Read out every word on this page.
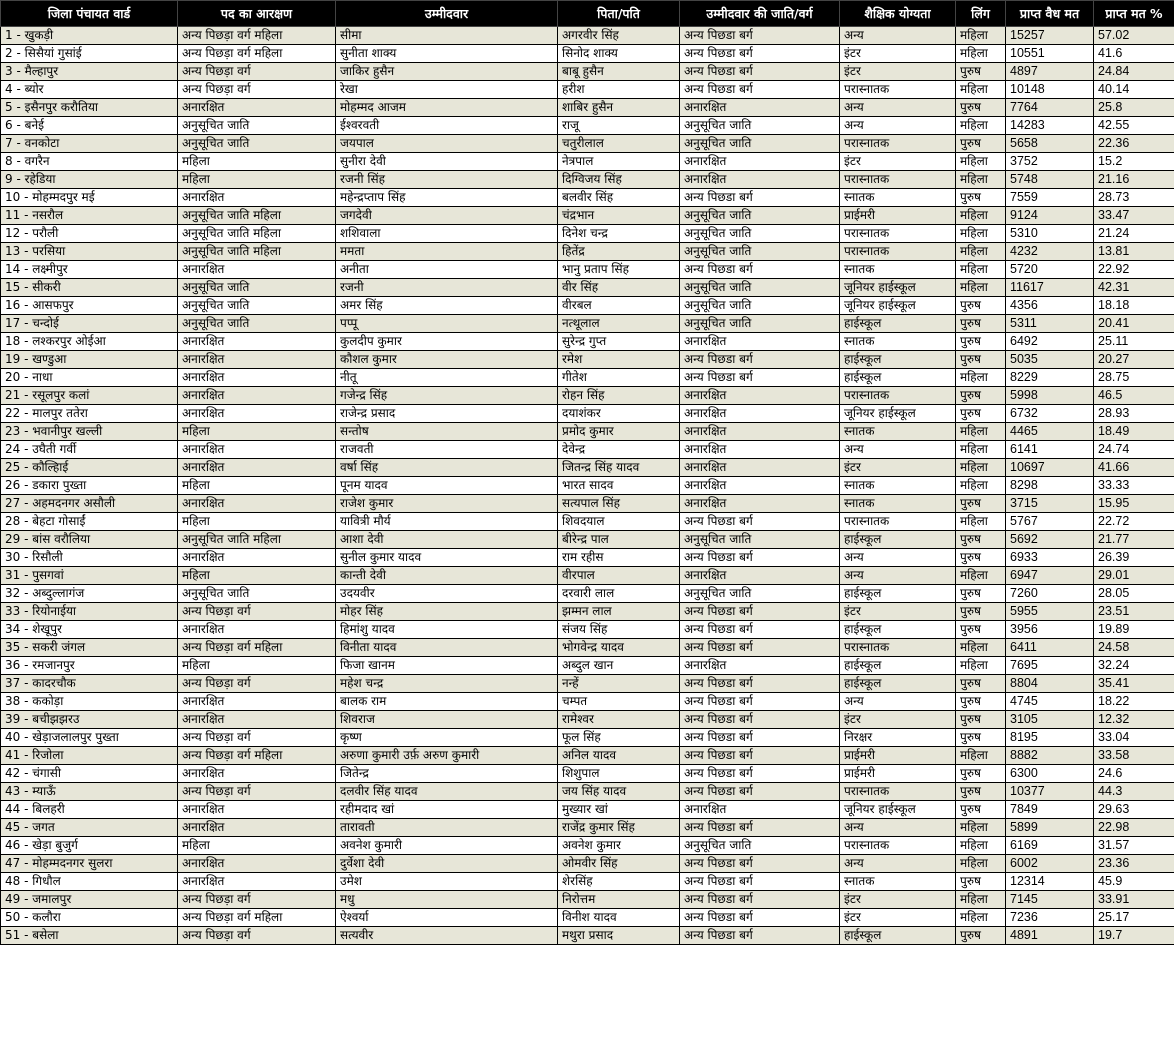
जिला पंचायत वार्ड	पद का आरक्षण	उम्मीदवार	पिता/पति	उम्मीदवार की जाति/वर्ग	शैक्षिक योग्यता	लिंग	प्राप्त वैध मत	प्राप्त मत %
1 - खुकड़ी	अन्य पिछड़ा वर्ग महिला	सीमा	अगरवीर सिंह	अन्य पिछडा बर्ग	अन्य	महिला	15257	57.02
2 - सिसैयां गुसांई	अन्य पिछड़ा वर्ग महिला	सुनीता शाक्य	सिनोद शाक्य	अन्य पिछडा बर्ग	इंटर	महिला	10551	41.6
3 - मैल्हापुर	अन्य पिछड़ा वर्ग	जाकिर हुसैन	बाबू हुसैन	अन्य पिछडा बर्ग	इंटर	पुरुष	4897	24.84
4 - ब्योर	अन्य पिछड़ा वर्ग	रेखा	हरीश	अन्य पिछडा बर्ग	परास्नातक	महिला	10148	40.14
5 - इसैनपुर करौतिया	अनारक्षित	मोहम्मद आजम	शाबिर हुसैन	अनारक्षित	अन्य	पुरुष	7764	25.8
6 - बनेई	अनुसूचित जाति	ईश्वरवती	राजू	अनुसूचित जाति	अन्य	महिला	14283	42.55
7 - वनकोटा	अनुसूचित जाति	जयपाल	चतुरीलाल	अनुसूचित जाति	परास्नातक	पुरुष	5658	22.36
8 - वगरैन	महिला	सुनीरा देवी	नेत्रपाल	अनारक्षित	इंटर	महिला	3752	15.2
9 - रहेडिया	महिला	रजनी सिंह	दिग्विजय सिंह	अनारक्षित	परास्नातक	महिला	5748	21.16
10 - मोहम्मदपुर मई	अनारक्षित	महेन्द्रप्ताप सिंह	बलवीर सिंह	अन्य पिछडा बर्ग	स्नातक	पुरुष	7559	28.73
11 - नसरौल	अनुसूचित जाति महिला	जगदेवी	चंद्रभान	अनुसूचित जाति	प्राईमरी	महिला	9124	33.47
12 - परौली	अनुसूचित जाति महिला	शशिवाला	दिनेश चन्द्र	अनुसूचित जाति	परास्नातक	महिला	5310	21.24
13 - परसिया	अनुसूचित जाति महिला	ममता	हितेंद्र	अनुसूचित जाति	परास्नातक	महिला	4232	13.81
14 - लक्ष्मीपुर	अनारक्षित	अनीता	भानु प्रताप सिंह	अन्य पिछडा बर्ग	स्नातक	महिला	5720	22.92
15 - सीकरी	अनुसूचित जाति	रजनी	वीर सिंह	अनुसूचित जाति	जूनियर हाईस्कूल	महिला	11617	42.31
16 - आसफपुर	अनुसूचित जाति	अमर सिंह	वीरबल	अनुसूचित जाति	जूनियर हाईस्कूल	पुरुष	4356	18.18
17 - चन्दोई	अनुसूचित जाति	पप्पू	नत्थूलाल	अनुसूचित जाति	हाईस्कूल	पुरुष	5311	20.41
18 - लश्करपुर ओईआ	अनारक्षित	कुलदीप कुमार	सुरेन्द्र गुप्त	अनारक्षित	स्नातक	पुरुष	6492	25.11
19 - खण्डुआ	अनारक्षित	कौशल कुमार	रमेश	अन्य पिछडा बर्ग	हाईस्कूल	पुरुष	5035	20.27
20 - नाधा	अनारक्षित	नीतू	गीतेश	अन्य पिछडा बर्ग	हाईस्कूल	महिला	8229	28.75
21 - रसूलपुर कलां	अनारक्षित	गजेन्द्र सिंह	रोहन सिंह	अनारक्षित	परास्नातक	पुरुष	5998	46.5
22 - मालपुर ततेरा	अनारक्षित	राजेन्द्र प्रसाद	दयाशंकर	अनारक्षित	जूनियर हाईस्कूल	पुरुष	6732	28.93
23 - भवानीपुर खल्ली	महिला	सन्तोष	प्रमोद कुमार	अनारक्षित	स्नातक	महिला	4465	18.49
24 - उघैती गर्वी	अनारक्षित	राजवती	देवेन्द्र	अनारक्षित	अन्य	महिला	6141	24.74
25 - कौल्हिाई	अनारक्षित	वर्षा सिंह	जितन्द्र सिंह यादव	अनारक्षित	इंटर	महिला	10697	41.66
26 - डकारा पुख्ता	महिला	पूनम यादव	भारत सादव	अनारक्षित	स्नातक	महिला	8298	33.33
27 - अहमदनगर असौली	अनारक्षित	राजेश कुमार	सत्यपाल सिंह	अनारक्षित	स्नातक	पुरुष	3715	15.95
28 - बेहटा गोसाईं	महिला	यावित्री मौर्य	शिवदयाल	अन्य पिछडा बर्ग	परास्नातक	महिला	5767	22.72
29 - बांस वरौलिया	अनुसूचित जाति महिला	आशा देवी	बीरेन्द्र पाल	अनुसूचित जाति	हाईस्कूल	पुरुष	5692	21.77
30 - रिसौली	अनारक्षित	सुनील कुमार यादव	राम रहीस	अन्य पिछडा बर्ग	अन्य	पुरुष	6933	26.39
31 - पुसगवां	महिला	कान्ती देवी	वीरपाल	अनारक्षित	अन्य	महिला	6947	29.01
32 - अब्दुल्लागंज	अनुसूचित जाति	उदयवीर	दरवारी लाल	अनुसूचित जाति	हाईस्कूल	पुरुष	7260	28.05
33 - रियोनाईया	अन्य पिछड़ा वर्ग	मोहर सिंह	झम्मन लाल	अन्य पिछडा बर्ग	इंटर	पुरुष	5955	23.51
34 - शेखूपुर	अनारक्षित	हिमांशु यादव	संजय सिंह	अन्य पिछडा बर्ग	हाईस्कूल	पुरुष	3956	19.89
35 - सकरी जंगल	अन्य पिछड़ा वर्ग महिला	विनीता यादव	भोगवेन्द्र यादव	अन्य पिछडा बर्ग	परास्नातक	महिला	6411	24.58
36 - रमजानपुर	महिला	फिजा खानम	अब्दुल खान	अनारक्षित	हाईस्कूल	महिला	7695	32.24
37 - कादरचौक	अन्य पिछड़ा वर्ग	महेश चन्द्र	नन्हें	अन्य पिछडा बर्ग	हाईस्कूल	पुरुष	8804	35.41
38 - ककोड़ा	अनारक्षित	बालक राम	चम्पत	अन्य पिछडा बर्ग	अन्य	पुरुष	4745	18.22
39 - बचीझझरउ	अनारक्षित	शिवराज	रामेश्वर	अन्य पिछडा बर्ग	इंटर	पुरुष	3105	12.32
40 - खेड़ाजलालपुर पुख्ता	अन्य पिछड़ा वर्ग	कृष्ण	फूल सिंह	अन्य पिछडा बर्ग	निरक्षर	पुरुष	8195	33.04
41 - रिजोला	अन्य पिछड़ा वर्ग महिला	अरुणा कुमारी उर्फ़ अरुण कुमारी	अनिल यादव	अन्य पिछडा बर्ग	प्राईमरी	महिला	8882	33.58
42 - चंगासी	अनारक्षित	जितेन्द्र	शिशुपाल	अन्य पिछडा बर्ग	प्राईमरी	पुरुष	6300	24.6
43 - म्याऊँ	अन्य पिछड़ा वर्ग	दलवीर सिंह यादव	जय सिंह यादव	अन्य पिछडा बर्ग	परास्नातक	पुरुष	10377	44.3
44 - बिलहरी	अनारक्षित	रहीमदाद खां	मुख्यार खां	अनारक्षित	जूनियर हाईस्कूल	पुरुष	7849	29.63
45 - जगत	अनारक्षित	तारावती	राजेंद्र कुमार सिंह	अन्य पिछडा बर्ग	अन्य	महिला	5899	22.98
46 - खेड़ा बुजुर्ग	महिला	अवनेश कुमारी	अवनेश कुमार	अनुसूचित जाति	परास्नातक	महिला	6169	31.57
47 - मोहम्मदनगर सुलरा	अनारक्षित	दुर्वेशा देवी	ओमवीर सिंह	अन्य पिछडा बर्ग	अन्य	महिला	6002	23.36
48 - गिधौल	अनारक्षित	उमेश	शेरसिंह	अन्य पिछडा बर्ग	स्नातक	पुरुष	12314	45.9
49 - जमालपुर	अन्य पिछड़ा वर्ग	मधु	निरोत्तम	अन्य पिछडा बर्ग	इंटर	महिला	7145	33.91
50 - कलौरा	अन्य पिछड़ा वर्ग महिला	ऐश्वर्या	विनीश यादव	अन्य पिछडा बर्ग	इंटर	महिला	7236	25.17
51 - बसेला	अन्य पिछड़ा वर्ग	सत्यवीर	मथुरा प्रसाद	अन्य पिछडा बर्ग	हाईस्कूल	पुरुष	4891	19.7
